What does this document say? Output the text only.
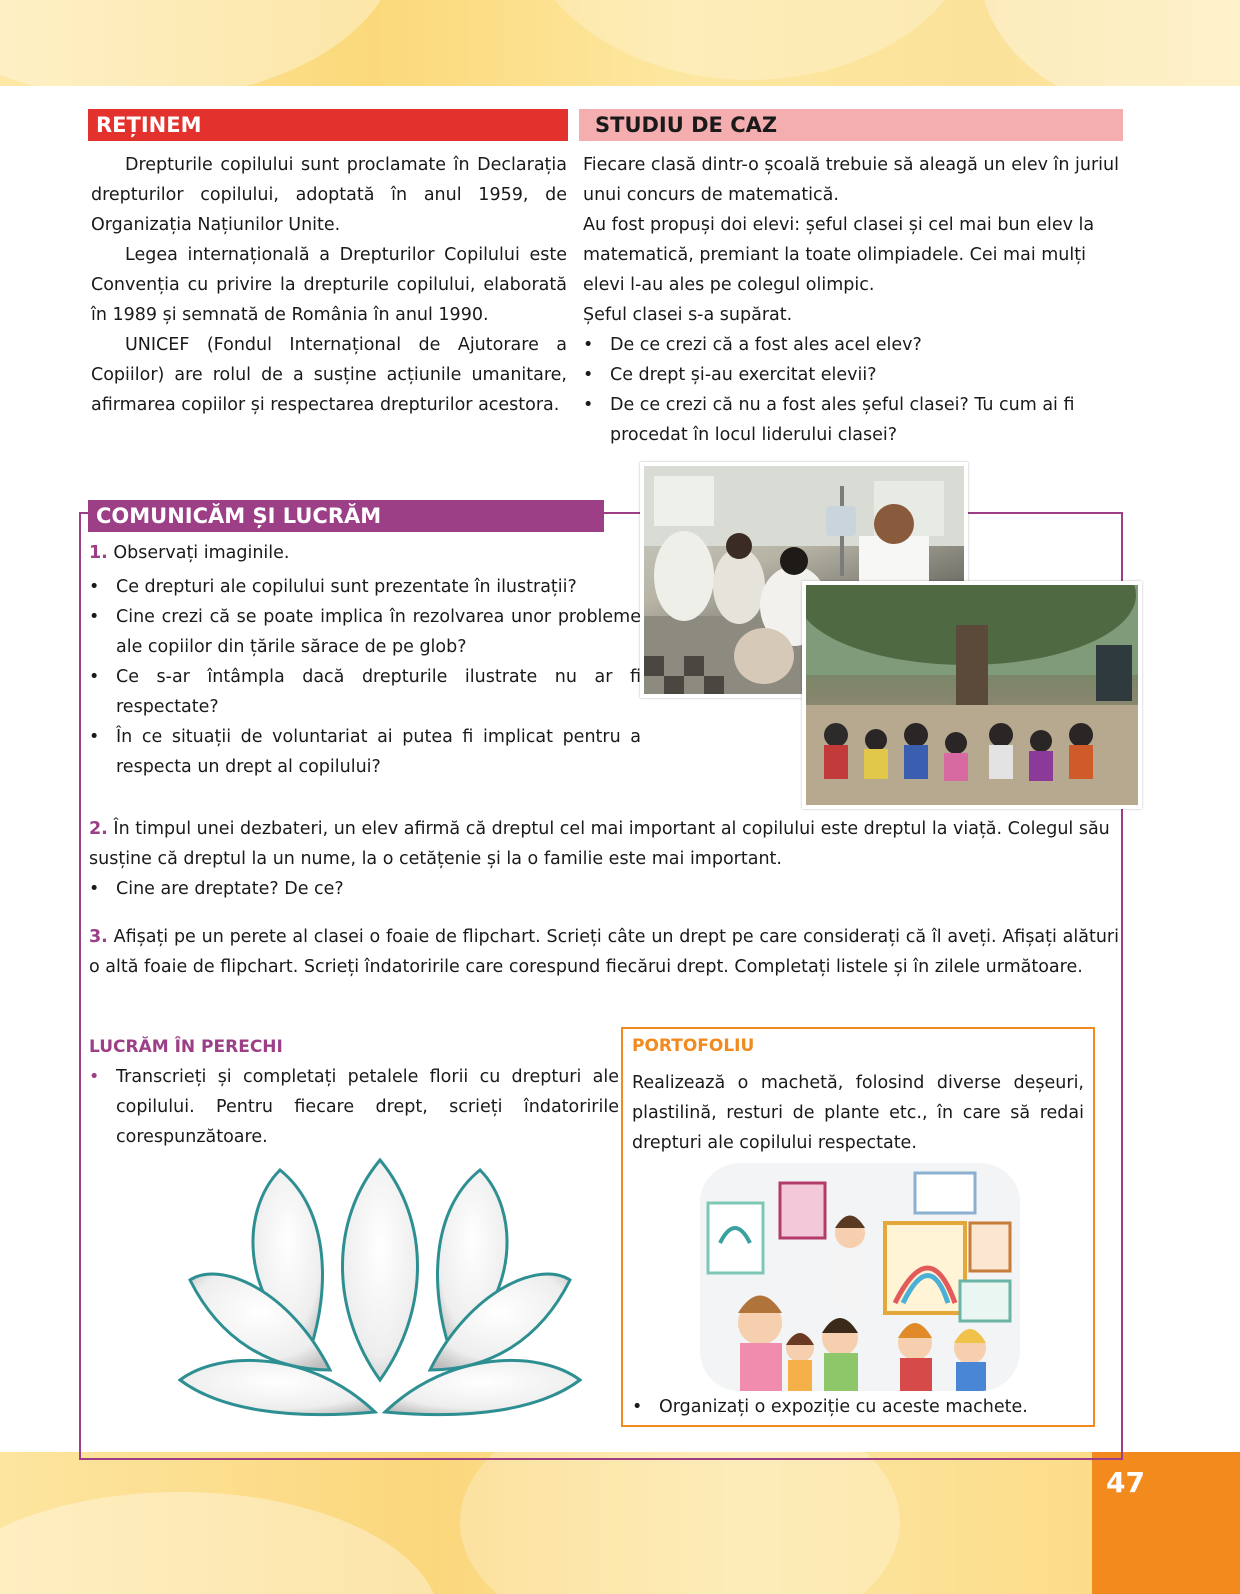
47
REȚINEM

Drepturile copilului sunt proclamate în Declarația drepturilor copilului, adoptată în anul 1959, de Organizația Națiunilor Unite.

Legea internațională a Drepturilor Copilului este Convenția cu privire la drepturile copilului, elaborată în 1989 și semnată de România în anul 1990.

UNICEF (Fondul Internațional de Ajutorare a Copiilor) are rolul de a susține acțiunile umanitare, afirmarea copiilor și respectarea drepturilor acestora.

STUDIU DE CAZ

Fiecare clasă dintr-o școală trebuie să aleagă un elev în juriul unui concurs de matematică.

Au fost propuși doi elevi: șeful clasei și cel mai bun elev la matematică, premiant la toate olimpiadele. Cei mai mulți elevi l-au ales pe colegul olimpic.

Șeful clasei s-a supărat.

• De ce crezi că a fost ales acel elev?
• Ce drept și-au exercitat elevii?
• De ce crezi că nu a fost ales șeful clasei? Tu cum ai fi procedat în locul liderului clasei?
COMUNICĂM ȘI LUCRĂM

1. Observați imaginile.

• Ce drepturi ale copilului sunt prezentate în ilustrații?
• Cine crezi că se poate implica în rezolvarea unor probleme ale copiilor din țările sărace de pe glob?
• Ce s-ar întâmpla dacă drepturile ilustrate nu ar fi respectate?
• În ce situații de voluntariat ai putea fi implicat pentru a respecta un drept al copilului?

2. În timpul unei dezbateri, un elev afirmă că dreptul cel mai important al copilului este dreptul la viață. Colegul său susține că dreptul la un nume, la o cetățenie și la o familie este mai important.

• Cine are dreptate? De ce?

3. Afișați pe un perete al clasei o foaie de flipchart. Scrieți câte un drept pe care considerați că îl aveți. Afișați alături o altă foaie de flipchart. Scrieți îndatoririle care corespund fiecărui drept. Completați listele și în zilele următoare.

LUCRĂM ÎN PERECHI
• Transcrieți și completați petalele florii cu drepturi ale copilului. Pentru fiecare drept, scrieți îndatoririle corespunzătoare.
PORTOFOLIU
Realizează o machetă, folosind diverse deșeuri, plastilină, resturi de plante etc., în care să redai drepturi ale copilului respectate.
• Organizați o expoziție cu aceste machete.
